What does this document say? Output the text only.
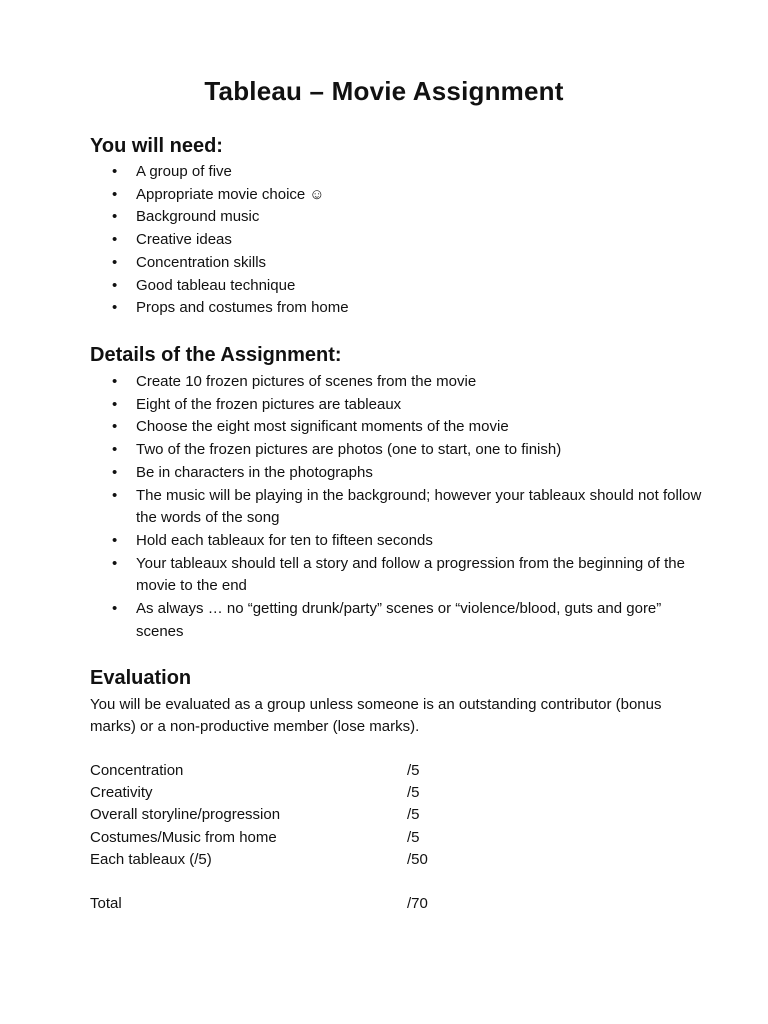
Tableau – Movie Assignment
You will need:
• A group of five
• Appropriate movie choice ☺
• Background music
• Creative ideas
• Concentration skills
• Good tableau technique
• Props and costumes from home
Details of the Assignment:
• Create 10 frozen pictures of scenes from the movie
• Eight of the frozen pictures are tableaux
• Choose the eight most significant moments of the movie
• Two of the frozen pictures are photos (one to start, one to finish)
• Be in characters in the photographs
• The music will be playing in the background; however your tableaux should not follow the words of the song
• Hold each tableaux for ten to fifteen seconds
• Your tableaux should tell a story and follow a progression from the beginning of the movie to the end
• As always … no “getting drunk/party” scenes or “violence/blood, guts and gore” scenes
Evaluation

You will be evaluated as a group unless someone is an outstanding contributor (bonus marks) or a non-productive member (lose marks).

Concentration	/5
Creativity	/5
Overall storyline/progression	/5
Costumes/Music from home	/5
Each tableaux (/5)	/50
Total	/70
